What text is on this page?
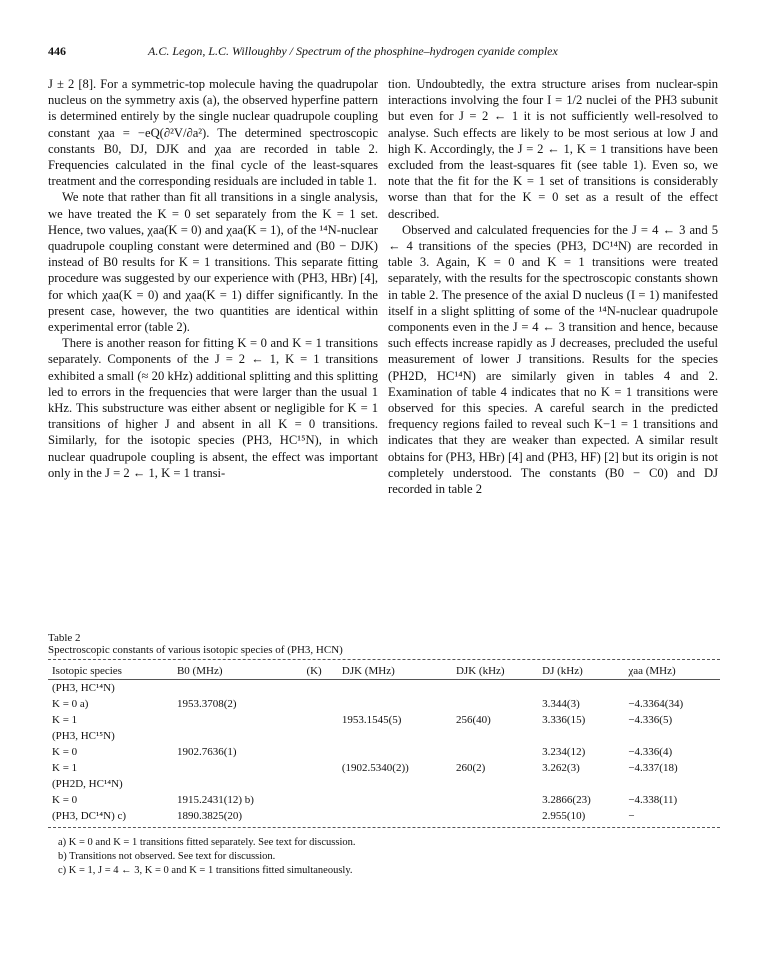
446	A.C. Legon, L.C. Willoughby / Spectrum of the phosphine–hydrogen cyanide complex

J ± 2 [8]. For a symmetric-top molecule having the quadrupolar nucleus on the symmetry axis (a), the observed hyperfine pattern is determined entirely by the single nuclear quadrupole coupling constant χaa = −eQ(∂²V/∂a²). The determined spectroscopic constants B0, DJ, DJK and χaa are recorded in table 2. Frequencies calculated in the final cycle of the least-squares treatment and the corresponding residuals are included in table 1.

We note that rather than fit all transitions in a single analysis, we have treated the K = 0 set separately from the K = 1 set. Hence, two values, χaa(K = 0) and χaa(K = 1), of the ¹⁴N-nuclear quadrupole coupling constant were determined and (B0 − DJK) instead of B0 results for K = 1 transitions. This separate fitting procedure was suggested by our experience with (PH3, HBr) [4], for which χaa(K = 0) and χaa(K = 1) differ significantly. In the present case, however, the two quantities are identical within experimental error (table 2).

There is another reason for fitting K = 0 and K = 1 transitions separately. Components of the J = 2 ← 1, K = 1 transitions exhibited a small (≈ 20 kHz) additional splitting and this splitting led to errors in the frequencies that were larger than the usual 1 kHz. This substructure was either absent or negligible for K = 1 transitions of higher J and absent in all K = 0 transitions. Similarly, for the isotopic species (PH3, HC¹⁵N), in which nuclear quadrupole coupling is absent, the effect was important only in the J = 2 ← 1, K = 1 transi-

tion. Undoubtedly, the extra structure arises from nuclear-spin interactions involving the four I = 1/2 nuclei of the PH3 subunit but even for J = 2 ← 1 it is not sufficiently well-resolved to analyse. Such effects are likely to be most serious at low J and high K. Accordingly, the J = 2 ← 1, K = 1 transitions have been excluded from the least-squares fit (see table 1). Even so, we note that the fit for the K = 1 set of transitions is considerably worse than that for the K = 0 set as a result of the effect described.

Observed and calculated frequencies for the J = 4 ← 3 and 5 ← 4 transitions of the species (PH3, DC¹⁴N) are recorded in table 3. Again, K = 0 and K = 1 transitions were treated separately, with the results for the spectroscopic constants shown in table 2. The presence of the axial D nucleus (I = 1) manifested itself in a slight splitting of some of the ¹⁴N-nuclear quadrupole components even in the J = 4 ← 3 transition and hence, because such effects increase rapidly as J decreases, precluded the useful measurement of lower J transitions. Results for the species (PH2D, HC¹⁴N) are similarly given in tables 4 and 2. Examination of table 4 indicates that no K = 1 transitions were observed for this species. A careful search in the predicted frequency regions failed to reveal such K−1 = 1 transitions and indicates that they are weaker than expected. A similar result obtains for (PH3, HBr) [4] and (PH3, HF) [2] but its origin is not completely understood. The constants (B0 − C0) and DJ recorded in table 2

Table 2
Spectroscopic constants of various isotopic species of (PH3, HCN)
Isotopic species	B0 (MHz)	(K)	DJK (MHz)	DJK (kHz)	DJ (kHz)	χaa (MHz)
(PH3, HC¹⁴N)						
K = 0 a)	1953.3708(2)				3.344(3)	−4.3364(34)
K = 1			1953.1545(5)	256(40)	3.336(15)	−4.336(5)
(PH3, HC¹⁵N)						
K = 0	1902.7636(1)				3.234(12)	−4.336(4)
K = 1			(1902.5340(2))	260(2)	3.262(3)	−4.337(18)
(PH2D, HC¹⁴N)						
K = 0	1915.2431(12) b)				3.2866(23)	−4.338(11)
(PH3, DC¹⁴N) c)	1890.3825(20)				2.955(10)	−
a) K = 0 and K = 1 transitions fitted separately. See text for discussion.
b) Transitions not observed. See text for discussion.
c) K = 1, J = 4 ← 3, K = 0 and K = 1 transitions fitted simultaneously.
